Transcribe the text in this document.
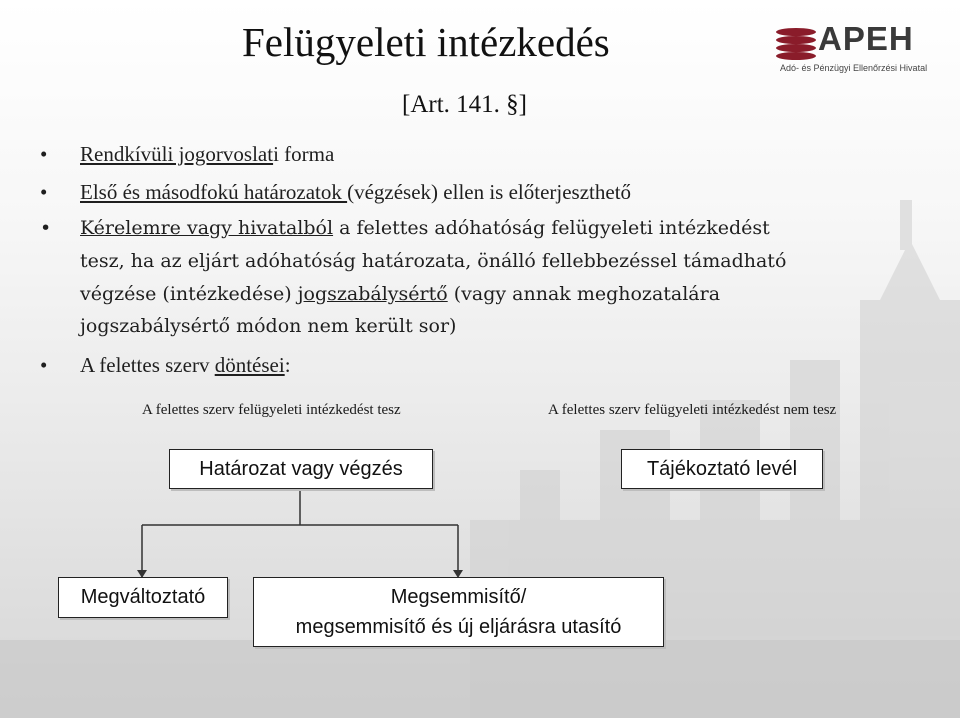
Felügyeleti intézkedés
[Art. 141. §]
APEH
Adó- és Pénzügyi Ellenőrzési Hivatal
•	Rendkívüli jogorvoslati forma
•	Első és másodfokú határozatok (végzések) ellen is előterjeszthető
•	Kérelemre vagy hivatalból a felettes adóhatóság felügyeleti intézkedést
tesz, ha az eljárt adóhatóság határozata, önálló fellebbezéssel támadható
végzése (intézkedése) jogszabálysértő (vagy annak meghozatalára
jogszabálysértő módon nem került sor)
•	A felettes szerv döntései:
A felettes szerv felügyeleti intézkedést tesz	A felettes szerv felügyeleti intézkedést nem tesz
Határozat vagy végzés	Tájékoztató levél
Megváltoztató	Megsemmisítő/
megsemmisítő és új eljárásra utasító
